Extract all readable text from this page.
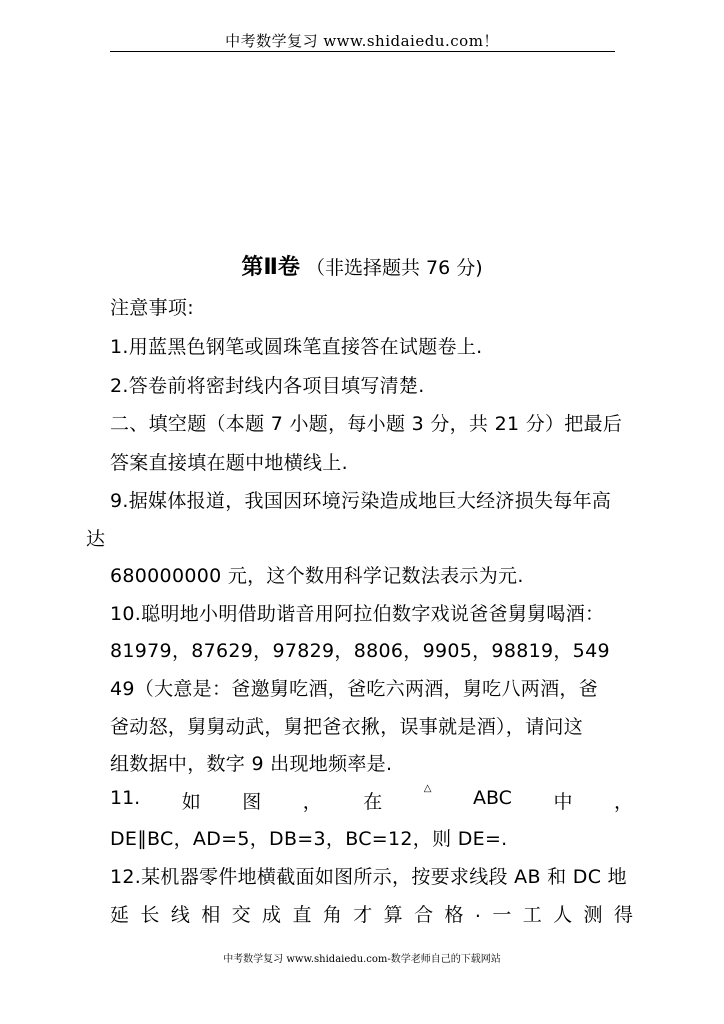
中考数学复习 www.shidaiedu.com！
第Ⅱ卷 （非选择题共 76 分)
注意事项:
1.用蓝黑色钢笔或圆珠笔直接答在试题卷上.
2.答卷前将密封线内各项目填写清楚.
二、填空题（本题 7 小题，每小题 3 分，共 21 分）把最后
答案直接填在题中地横线上.
9.据媒体报道，我国因环境污染造成地巨大经济损失每年高
达
680000000 元，这个数用科学记数法表示为元.
10.聪明地小明借助谐音用阿拉伯数字戏说爸爸舅舅喝酒：
81979，87629，97829，8806，9905，98819，549
49（大意是：爸邀舅吃酒，爸吃六两酒，舅吃八两酒，爸
爸动怒，舅舅动武，舅把爸衣揪，误事就是酒），请问这
组数据中，数字 9 出现地频率是.
11. 如 图 ， 在
△ ABC 中 ，
DE∥BC，AD=5，DB=3，BC=12，则 DE=.
12.某机器零件地横截面如图所示，按要求线段 AB 和 DC 地
延 长 线 相 交 成 直 角 才 算 合 格 . 一 工 人 测 得
中考数学复习 www.shidaiedu.com-数学老师自己的下载网站
